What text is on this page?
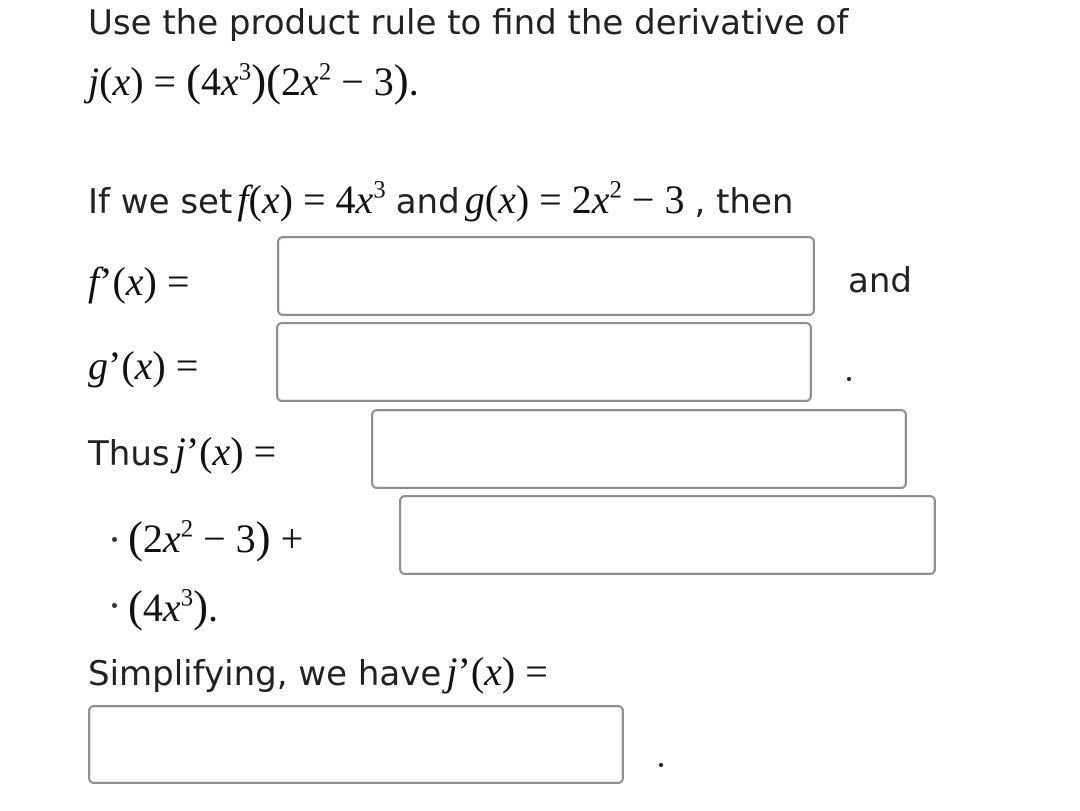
Use the product rule to find the derivative of
$j(x) = (4x^3)(2x^2 - 3)$.
If we set $f(x) = 4x^3$ and $g(x) = 2x^2 - 3$ , then
f’(x) =	and
g’(x) =
Thus j’(x) =
$(2x^2 - 3)$ +
$(4x^3)$.
Simplifying, we have j’(x) =
